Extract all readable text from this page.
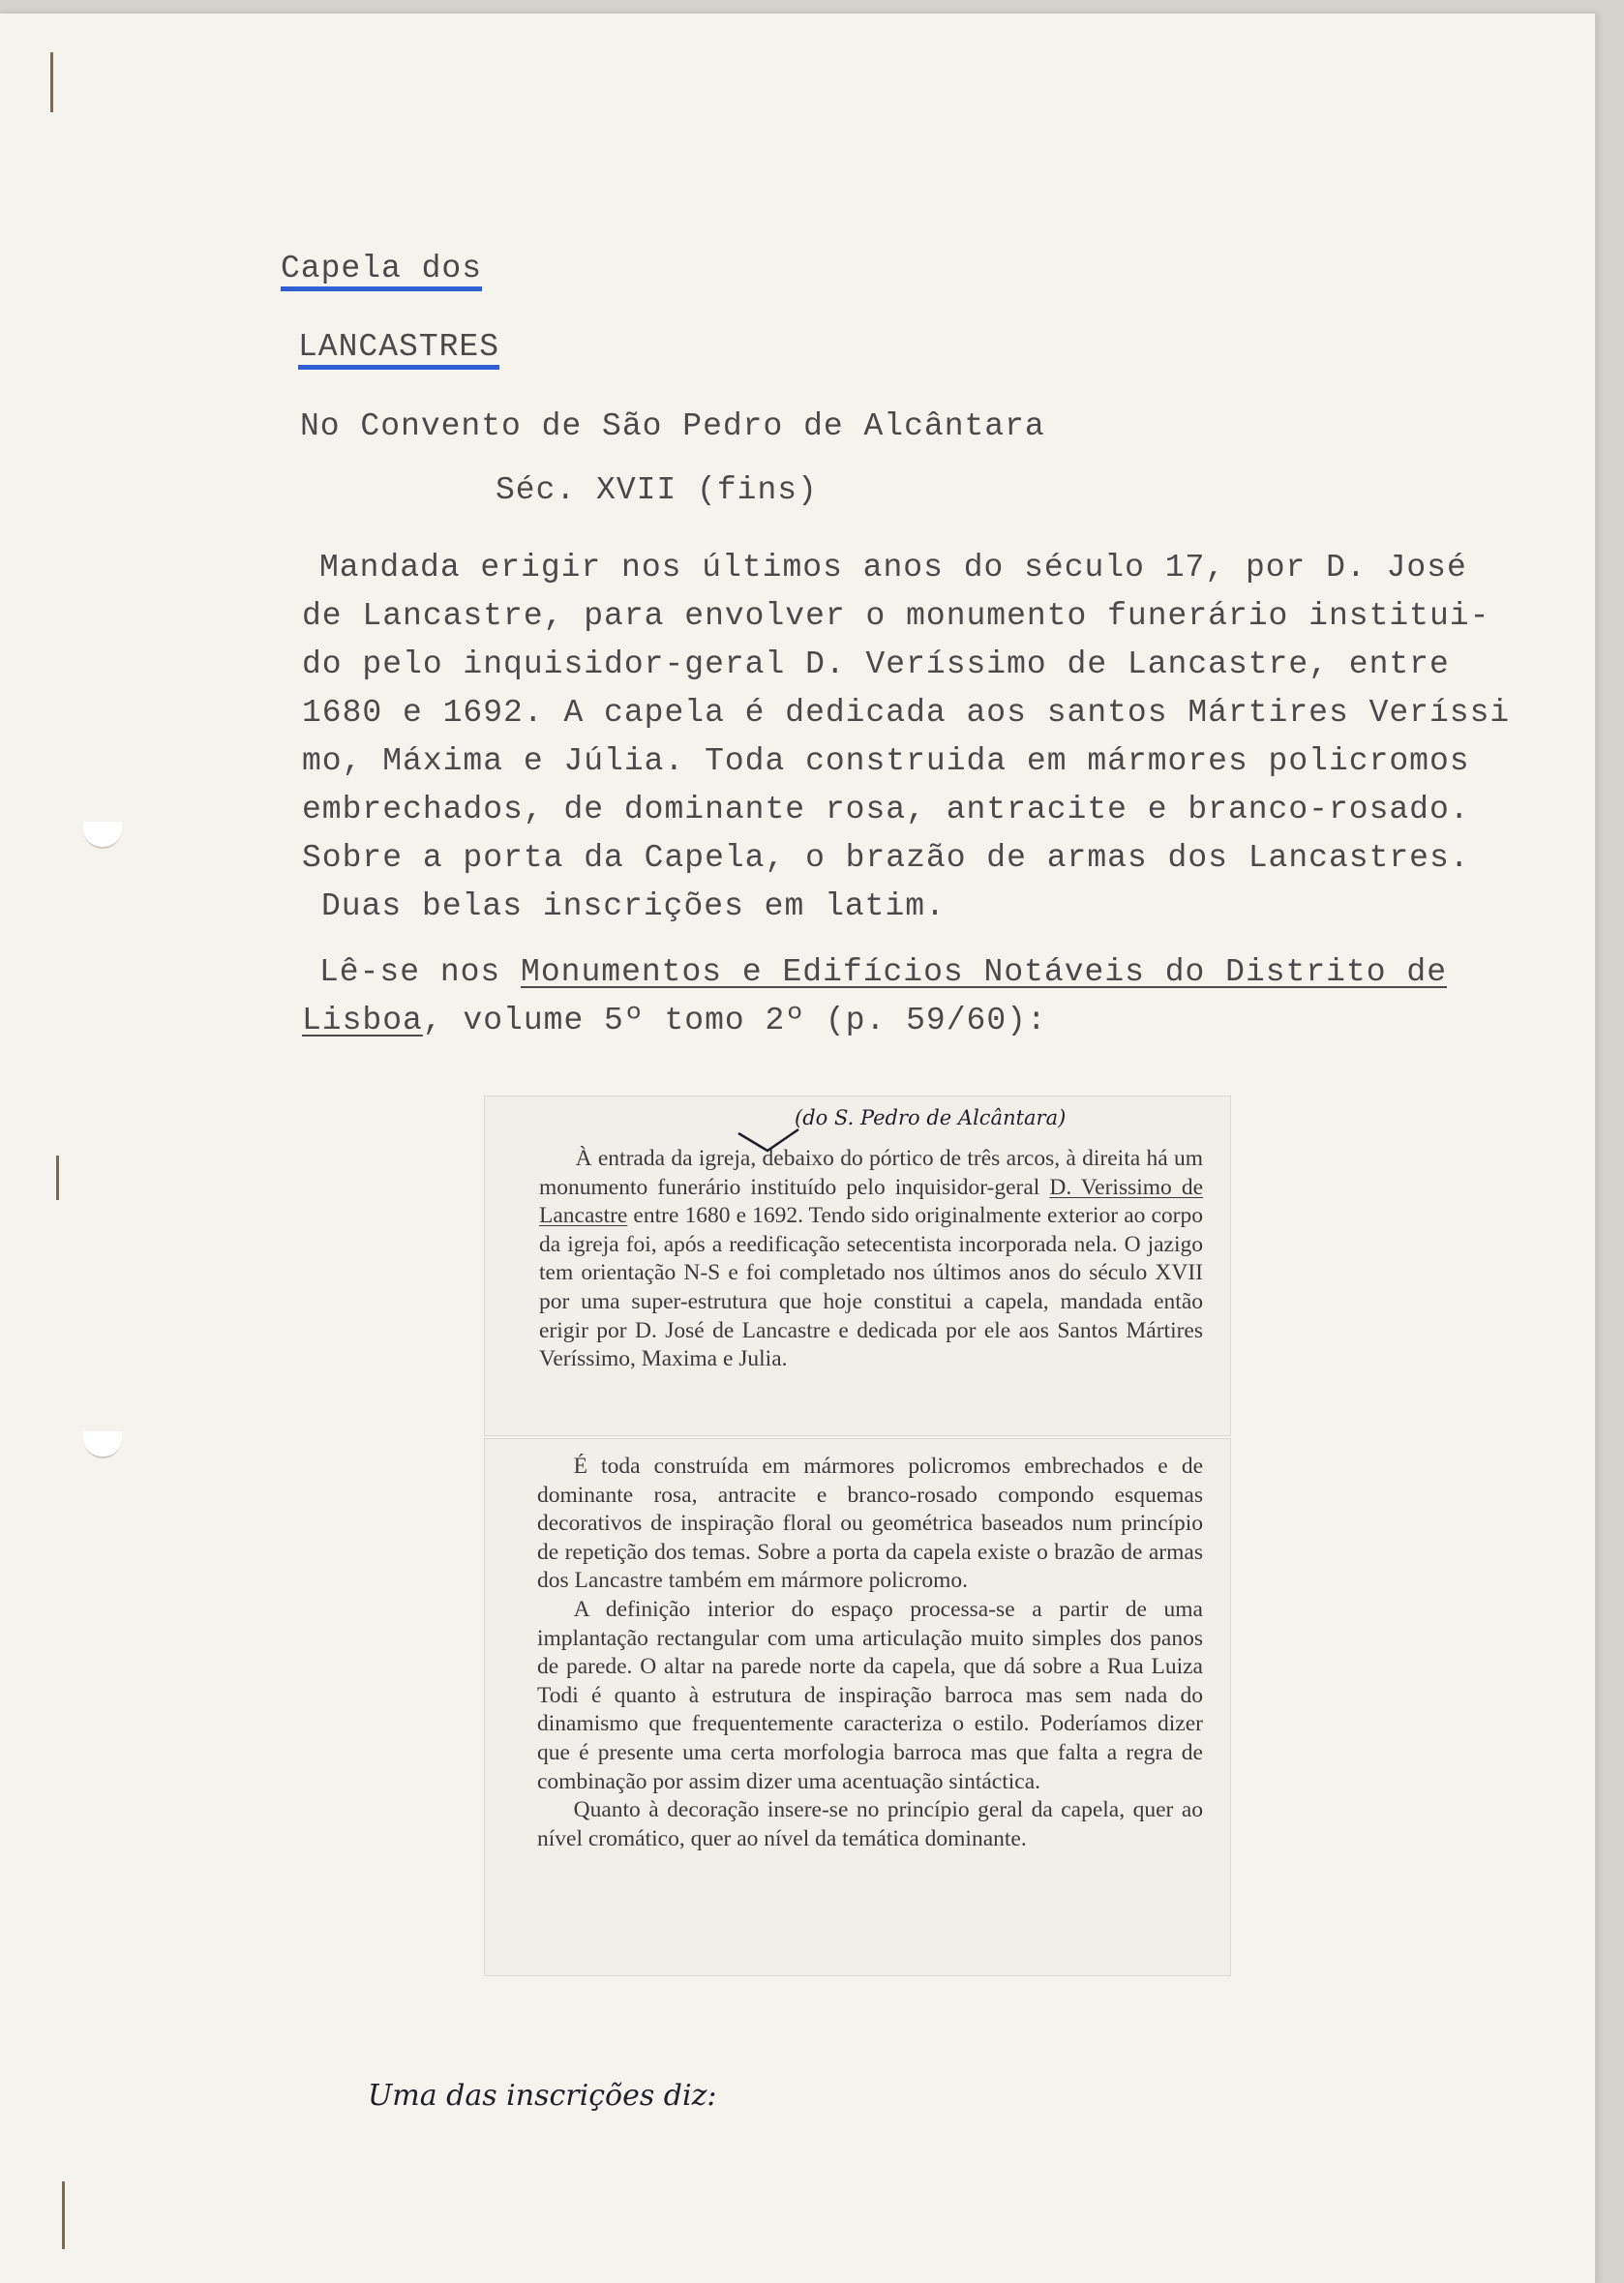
Capela dos
LANCASTRES
No Convento de São Pedro de Alcântara
Séc. XVII (fins)
Mandada erigir nos últimos anos do século 17, por D. José
de Lancastre, para envolver o monumento funerário institui-
do pelo inquisidor-geral D. Veríssimo de Lancastre, entre
1680 e 1692. A capela é dedicada aos santos Mártires Veríssi
mo, Máxima e Júlia. Toda construida em mármores policromos
embrechados, de dominante rosa, antracite e branco-rosado.
Sobre a porta da Capela, o brazão de armas dos Lancastres.
Duas belas inscrições em latim.
Lê-se nos Monumentos e Edifícios Notáveis do Distrito de
Lisboa, volume 5º tomo 2º (p. 59/60):
(do S. Pedro de Alcântara)

À entrada da igreja, debaixo do pórtico de três arcos, à direita há um monumento funerário instituído pelo inquisidor-geral D. Verissimo de Lancastre entre 1680 e 1692. Tendo sido originalmente exterior ao corpo da igreja foi, após a reedificação setecentista incorporada nela. O jazigo tem orientação N-S e foi completado nos últimos anos do século XVII por uma super-estrutura que hoje constitui a capela, mandada então erigir por D. José de Lancastre e dedicada por ele aos Santos Mártires Veríssimo, Maxima e Julia.

É toda construída em mármores policromos embrechados e de dominante rosa, antracite e branco-rosado compondo esquemas decorativos de inspiração floral ou geométrica baseados num princípio de repetição dos temas. Sobre a porta da capela existe o brazão de armas dos Lancastre também em mármore policromo.

A definição interior do espaço processa-se a partir de uma implantação rectangular com uma articulação muito simples dos panos de parede. O altar na parede norte da capela, que dá sobre a Rua Luiza Todi é quanto à estrutura de inspiração barroca mas sem nada do dinamismo que frequentemente caracteriza o estilo. Poderíamos dizer que é presente uma certa morfologia barroca mas que falta a regra de combinação por assim dizer uma acentuação sintáctica.

Quanto à decoração insere-se no princípio geral da capela, quer ao nível cromático, quer ao nível da temática dominante.

Uma das inscrições diz:
